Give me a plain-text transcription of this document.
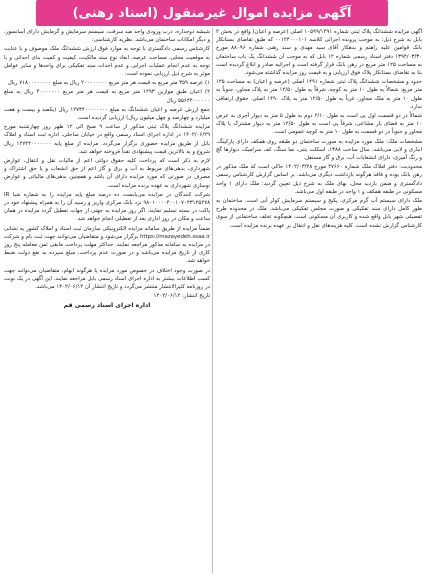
آگهی مزایده اموال غیرمنقول (اسناد رهنی)

آگهی مزایده ششدانگ پلاک ثبتی شماره ۱۰۵۹۹/۱۴۹۱ اصلی (عرصه و اعیان) واقع در بخش ۲ بابل به شرح ذیل: به موجب پرونده اجرائی کلاسه ۰۰۱۲۴۰۰۰۱۰۱ که طبق تقاضای بستانکار بانک قوامین علیه راهنم و بدهکار آقای سید مهدی و سند رهنی شماره ۸۸۰۹۶ مورخ ۱۳۹۴/۰۳/۳۰ دفتر اسناد رسمی شماره ۱۲ بابل که به موجب آن ششدانگ یک باب ساختمان به مساحت ۱۲۵ متر مربع در رهن بانک قرار گرفته است و اجرائیه صادر و ابلاغ گردیده است بنا به تقاضای بستانکار پلاک فوق ارزیابی و به قیمت روز مزایده گذاشته می‌شود.

حدود و مشخصات ششدانگ پلاک ثبتی شماره ۱۴۹۱ اصلی (عرصه و اعیان) به مساحت ۱۲۵ متر مربع: شمالاً به طول ۱۰ متر به کوچه، شرقاً به طول ۱۲/۵۰ متر به پلاک مجاور، جنوباً به طول ۱۰ متر به ملک مجاور، غرباً به طول ۱۲/۵۰ متر به پلاک ۱۴۹۰ اصلی. حقوق ارتفاقی ندارد.

شمالاً در دو قسمت اول پی است به طول ۲/۱۰ دوم به طول ۵ متر به دیوار آجری به عرض ۱۰ متر به فضای باز مشاعی، شرقاً پی است به طول ۱۲/۵۰ متر به دیوار مشترک با پلاک مجاور و جنوباً در دو قسمت به طول ۱۰ متر به کوچه عمومی است.

مشخصات ملک: ملک مورد مزایده به صورت ساختمان دو طبقه روی همکف دارای پارکینگ، انباری و لابی می‌باشد. سال ساخت ۱۳۸۸، اسکلت بتنی، نما سنگ، کف سرامیک، دیوارها گچ و رنگ آمیزی، دارای انشعابات آب، برق و گاز مستقل.

محدودیت: دفتر املاک ملک شماره ۲۷۶۶۰ مورخ ۱۴۰۲/۰۳/۲۸ حاکی است که ملک مذکور در رهن بانک بوده و فاقد هرگونه بازداشت دیگری می‌باشد. بر اساس گزارش کارشناس رسمی دادگستری و ضمن بازدید محل، بهای ملک به شرح ذیل تعیین گردید: ملک دارای ۱ واحد مسکونی در طبقه همکف و ۱ واحد در طبقه اول می‌باشد.

ملک دارای سیستم آب گرم مرکزی، پکیج و سیستم سرمایش کولر آبی است. ساختمان به طور کامل دارای سند تفکیکی و صورت مجلس تفکیکی می‌باشد. ملک در محدوده طرح تفصیلی شهر بابل واقع شده و کاربری آن مسکونی است. هیچگونه تخلف ساختمانی از سوی کارشناس گزارش نشده است. کلیه هزینه‌های نقل و انتقال بر عهده برنده مزایده است.

شیشه دوجداره، درب ورودی واحد ضد سرقت، سیستم سرمایش و گرمایش دارای آسانسور، و دیگر امکانات ساختمان می‌باشد. نظریه کارشناسی:

کارشناس رسمی دادگستری با توجه به موارد فوق ارزش ششدانگ ملک موصوف و با عنایت به موقعیت محلی، مساحت عرصه، ابعاد نوع سند مالکیت، کیفیت و کمیت بنای احداثی و با توجه به عدم انجام عملیات اجرایی و عدم احداث سند تفکیکی برای واحدها و سایر عوامل موثر به شرح ذیل ارزیابی نموده است:

۱) عرصه ۳۵۹ متر مربع به قیمت هر متر مربع ۲۰۰۰۰۰۰۰۰ ریال به مبلغ ۷۱۸۰۰۰۰۰۰۰۰ ریال

۲) اعیان طبق موازین ۱۲۹۳ متر مربع به قیمت هر متر مربع ۴۰۰۰۰۰۰۰ ریال به مبلغ ۵۵۶۴۴۰۰۰۰۰۰ ریال

جمع ارزش عرصه و اعیان ششدانگ به مبلغ ۱۲۷۴۴۰۰۰۰۰۰۰۰ ریال (یکصد و بیست و هفت میلیارد و چهارصد و چهل میلیون ریال) ارزیابی گردیده است.

مزایده ششدانگ پلاک ثبتی مذکور از ساعت ۹ صبح الی ۱۲ ظهر روز چهارشنبه مورخ ۱۴۰۲/۰۶/۲۹ در اداره اجرای اسناد رسمی واقع در خیابان ساحلی، اداره ثبت اسناد و املاک بابل از طریق مزایده حضوری برگزار می‌گردد. مزایده از مبلغ پایه ۱۲۷۴۴۰۰۰۰۰۰۰ ریال شروع و به بالاترین قیمت پیشنهادی نقداً فروخته خواهد شد.

لازم به ذکر است که پرداخت کلیه حقوق دولتی اعم از مالیات نقل و انتقال، عوارض شهرداری، بدهی‌های مربوط به آب و برق و گاز اعم از حق انشعاب و یا حق اشتراک و مصرف در صورتی که مورد مزایده دارای آن باشد و همچنین بدهی‌های مالیاتی و عوارض نوسازی شهرداری به عهده برنده مزایده است.

شرکت کنندگان در مزایده می‌بایست ده درصد مبلغ پایه مزایده را به شماره شبا IR ۹۸۰۱۰۰۰۰۴۰۰۱۰۷۰۴۳۱۲۵۲۷۸ نزد بانک مرکزی واریز و رسید آن را به همراه پیشنهاد خود در پاکت در بسته تسلیم نمایند. اگر روز مزایده به جهتی از جهات تعطیل گردد مزایده در همان ساعت و مکان در روز اداری بعد از تعطیلی انجام خواهد شد.

ضمناً مزایده از طریق سامانه مزایده الکترونیکی سازمان ثبت اسناد و املاک کشور به نشانی https://mazayedeh.ssaa.ir برگزار می‌شود و متقاضیان می‌توانند جهت ثبت نام و شرکت در مزایده به سامانه مذکور مراجعه نمایند. حداکثر مهلت پرداخت مابقی ثمن معامله پنج روز کاری از تاریخ مزایده می‌باشد و در صورت عدم پرداخت، مبلغ سپرده به نفع دولت ضبط خواهد شد.

در صورت وجود اختلاف در خصوص مورد مزایده یا هرگونه ابهام، متقاضیان می‌توانند جهت کسب اطلاعات بیشتر به اداره اجرای اسناد رسمی بابل مراجعه نمایند. این آگهی در یک نوبت در روزنامه کثیرالانتشار منتشر می‌گردد و تاریخ انتشار آن ۱۴۰۲/۰۶/۱۲ می‌باشد.

تاریخ انتشار: ۱۴۰۲/۰۶/۱۲

اداره اجرای اسناد رسمی قم
